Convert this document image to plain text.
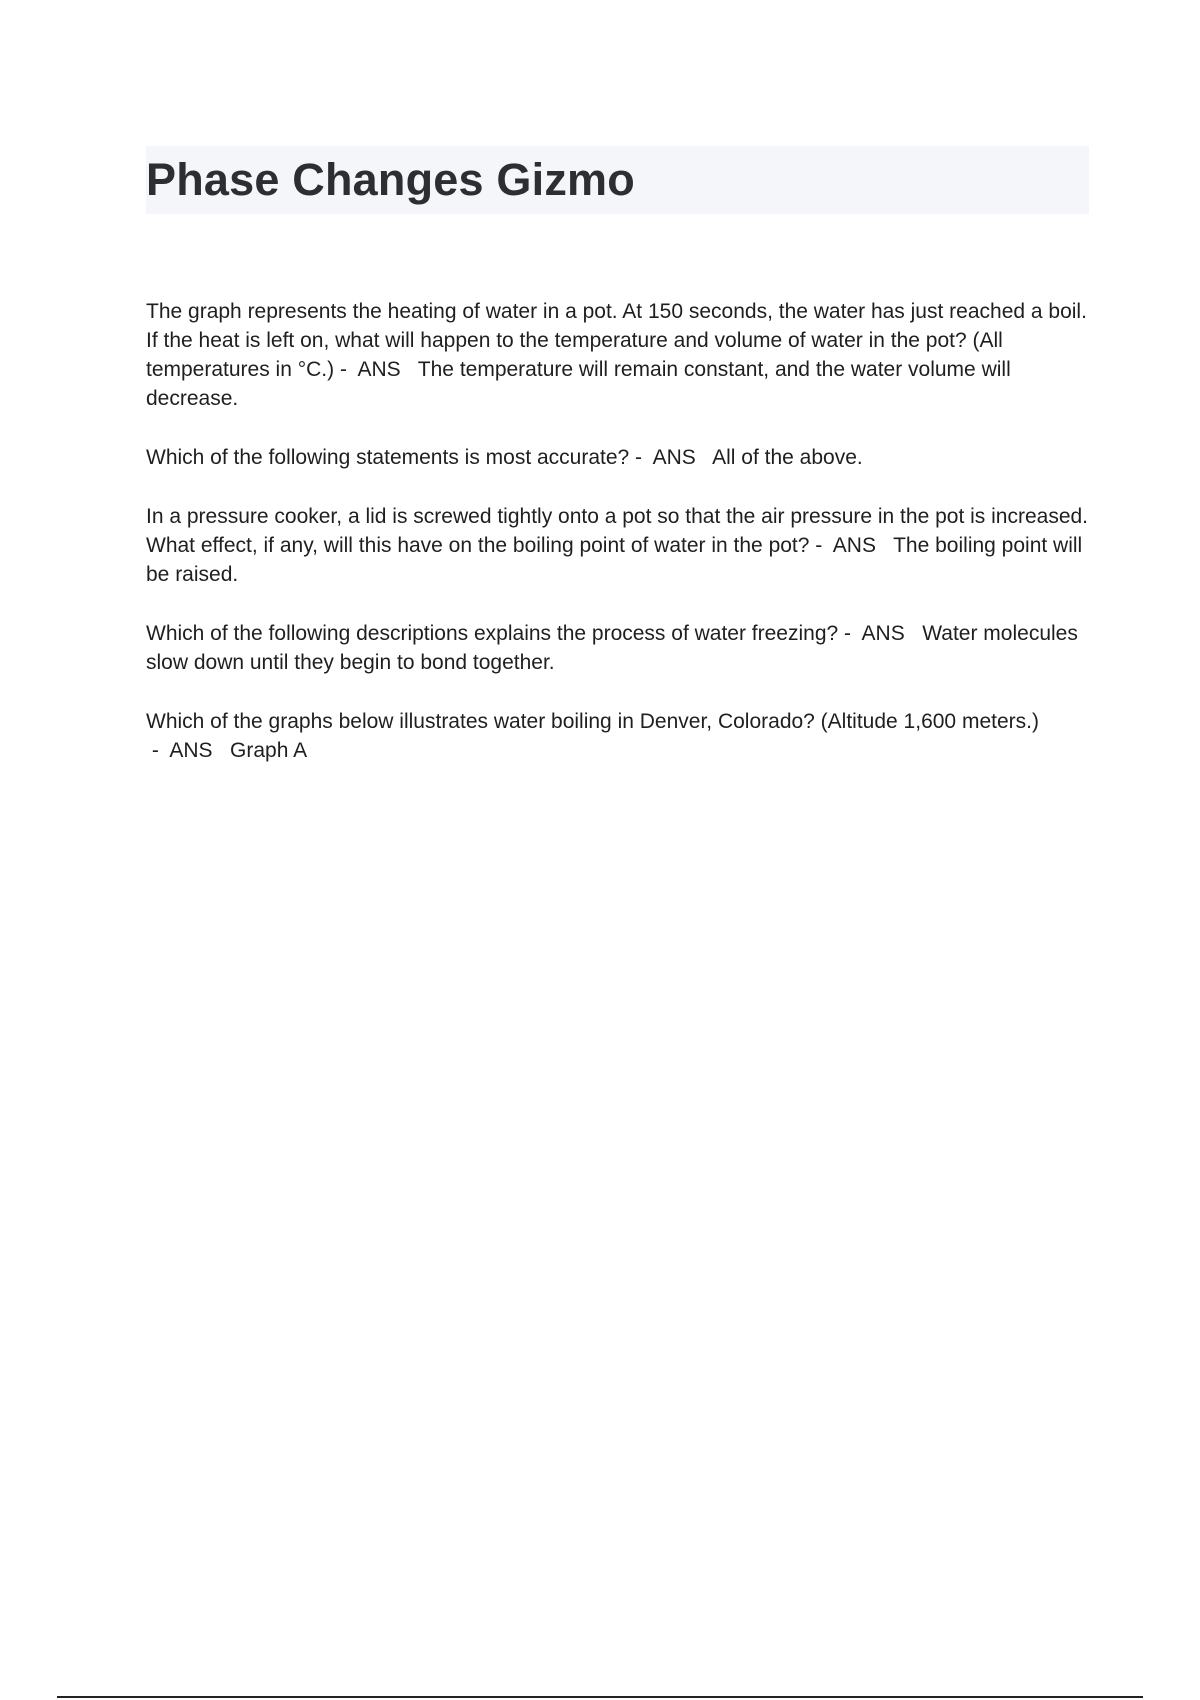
Phase Changes Gizmo

The graph represents the heating of water in a pot. At 150 seconds, the water has just reached a boil. If the heat is left on, what will happen to the temperature and volume of water in the pot? (All temperatures in °C.) -  ANS The temperature will remain constant, and the water volume will decrease.

Which of the following statements is most accurate? -  ANS All of the above.

In a pressure cooker, a lid is screwed tightly onto a pot so that the air pressure in the pot is increased. What effect, if any, will this have on the boiling point of water in the pot? -  ANS The boiling point will be raised.

Which of the following descriptions explains the process of water freezing? -  ANS Water molecules slow down until they begin to bond together.

Which of the graphs below illustrates water boiling in Denver, Colorado? (Altitude 1,600 meters.) -  ANS Graph A
